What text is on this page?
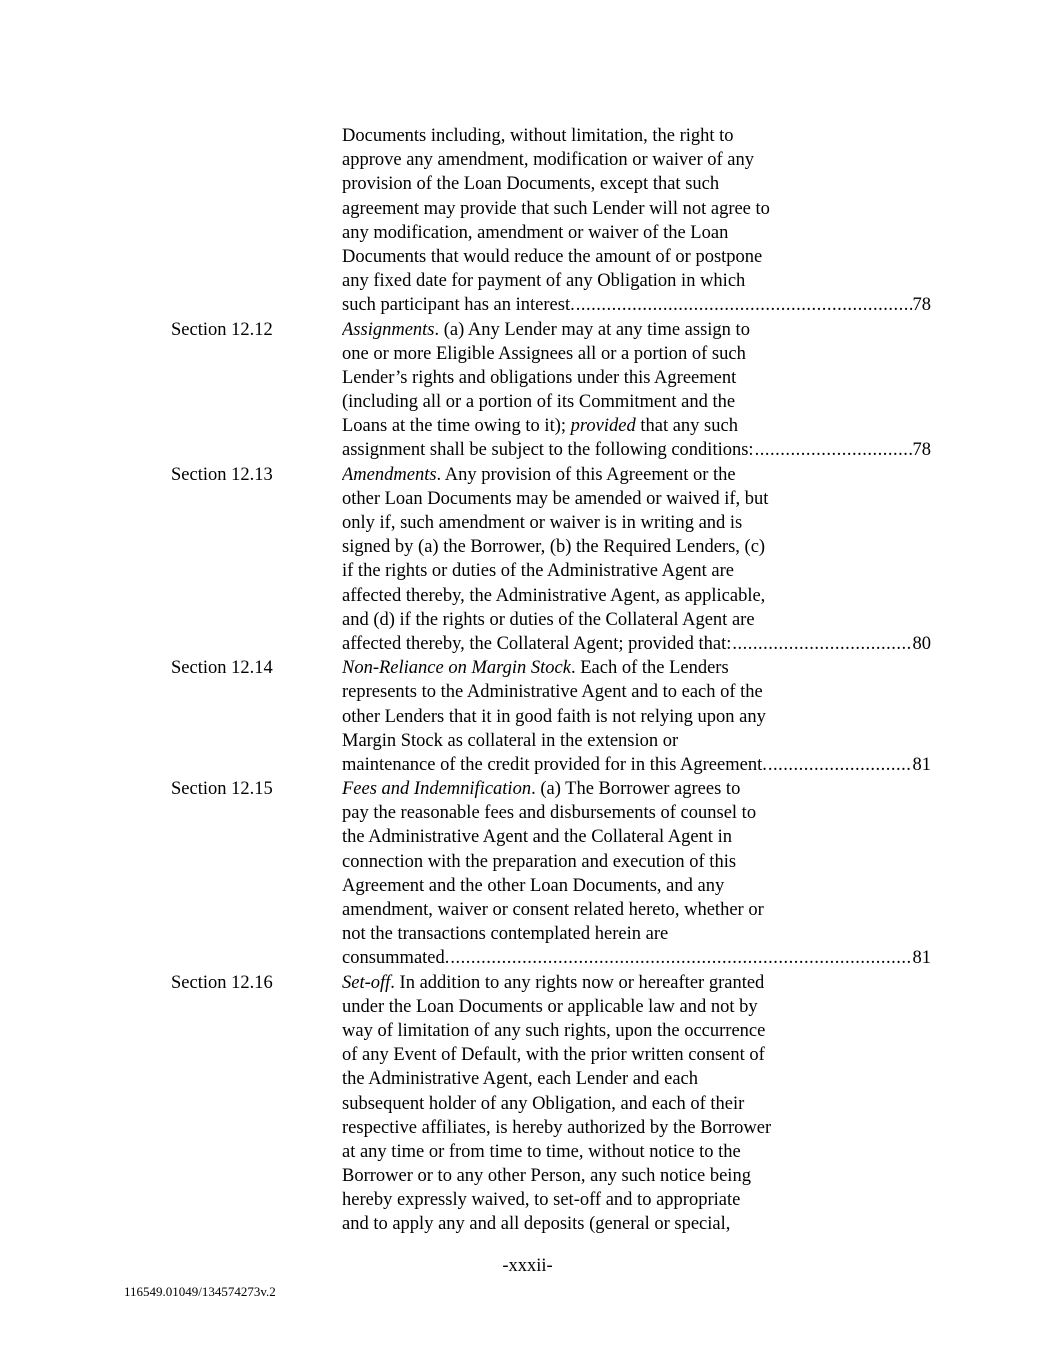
Documents including, without limitation, the right to
approve any amendment, modification or waiver of any
provision of the Loan Documents, except that such
agreement may provide that such Lender will not agree to
any modification, amendment or waiver of the Loan
Documents that would reduce the amount of or postpone
any fixed date for payment of any Obligation in which
such participant has an interest. .....	78
Section 12.12	Assignments. (a) Any Lender may at any time assign to
one or more Eligible Assignees all or a portion of such
Lender’s rights and obligations under this Agreement
(including all or a portion of its Commitment and the
Loans at the time owing to it); provided that any such
assignment shall be subject to the following conditions: .....	78
Section 12.13	Amendments. Any provision of this Agreement or the
other Loan Documents may be amended or waived if, but
only if, such amendment or waiver is in writing and is
signed by (a) the Borrower, (b) the Required Lenders, (c)
if the rights or duties of the Administrative Agent are
affected thereby, the Administrative Agent, as applicable,
and (d) if the rights or duties of the Collateral Agent are
affected thereby, the Collateral Agent; provided that: .....	80
Section 12.14	Non-Reliance on Margin Stock. Each of the Lenders
represents to the Administrative Agent and to each of the
other Lenders that it in good faith is not relying upon any
Margin Stock as collateral in the extension or
maintenance of the credit provided for in this Agreement. .....	81
Section 12.15	Fees and Indemnification. (a) The Borrower agrees to
pay the reasonable fees and disbursements of counsel to
the Administrative Agent and the Collateral Agent in
connection with the preparation and execution of this
Agreement and the other Loan Documents, and any
amendment, waiver or consent related hereto, whether or
not the transactions contemplated herein are
consummated. .....	81
Section 12.16	Set-off. In addition to any rights now or hereafter granted
under the Loan Documents or applicable law and not by
way of limitation of any such rights, upon the occurrence
of any Event of Default, with the prior written consent of
the Administrative Agent, each Lender and each
subsequent holder of any Obligation, and each of their
respective affiliates, is hereby authorized by the Borrower
at any time or from time to time, without notice to the
Borrower or to any other Person, any such notice being
hereby expressly waived, to set-off and to appropriate
and to apply any and all deposits (general or special,
-xxxii-
116549.01049/134574273v.2
